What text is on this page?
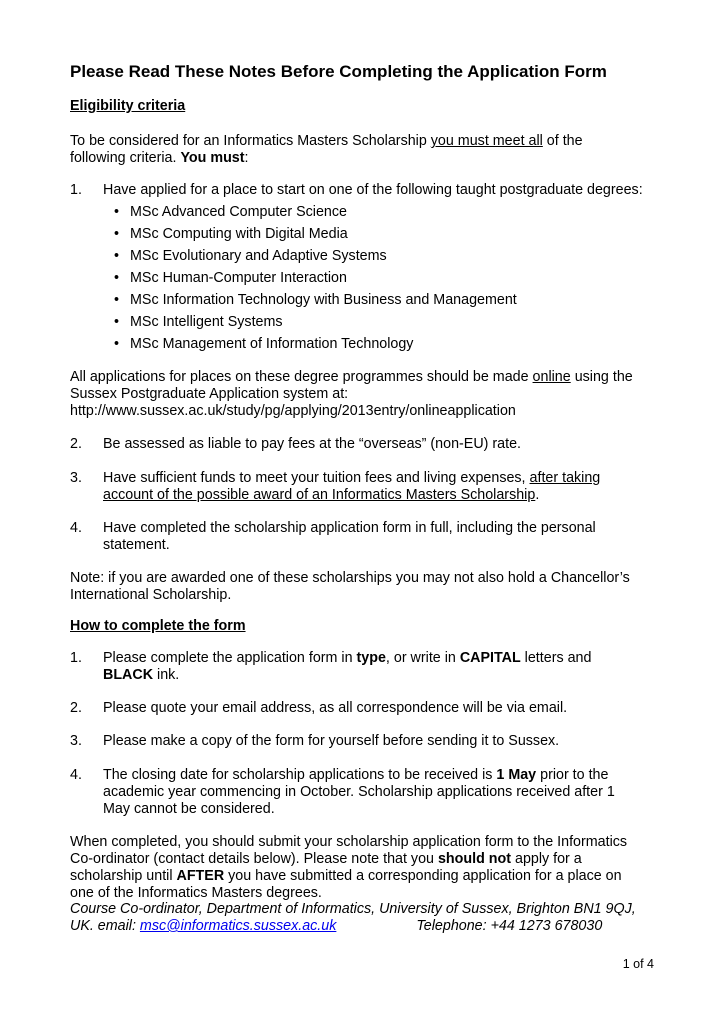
Please Read These Notes Before Completing the Application Form
Eligibility criteria
To be considered for an Informatics Masters Scholarship you must meet all of the following criteria. You must:
1. Have applied for a place to start on one of the following taught postgraduate degrees:
• MSc Advanced Computer Science
• MSc Computing with Digital Media
• MSc Evolutionary and Adaptive Systems
• MSc Human-Computer Interaction
• MSc Information Technology with Business and Management
• MSc Intelligent Systems
• MSc Management of Information Technology
All applications for places on these degree programmes should be made online using the Sussex Postgraduate Application system at:
http://www.sussex.ac.uk/study/pg/applying/2013entry/onlineapplication
2. Be assessed as liable to pay fees at the “overseas” (non-EU) rate.
3. Have sufficient funds to meet your tuition fees and living expenses, after taking account of the possible award of an Informatics Masters Scholarship.
4. Have completed the scholarship application form in full, including the personal statement.
Note: if you are awarded one of these scholarships you may not also hold a Chancellor’s International Scholarship.
How to complete the form
1. Please complete the application form in type, or write in CAPITAL letters and BLACK ink.
2. Please quote your email address, as all correspondence will be via email.
3. Please make a copy of the form for yourself before sending it to Sussex.
4. The closing date for scholarship applications to be received is 1 May prior to the academic year commencing in October. Scholarship applications received after 1 May cannot be considered.
When completed, you should submit your scholarship application form to the Informatics Co-ordinator (contact details below). Please note that you should not apply for a scholarship until AFTER you have submitted a corresponding application for a place on one of the Informatics Masters degrees.
Course Co-ordinator, Department of Informatics, University of Sussex, Brighton BN1 9QJ,
UK. email: msc@informatics.sussex.ac.uk	Telephone: +44 1273 678030
1 of 4
